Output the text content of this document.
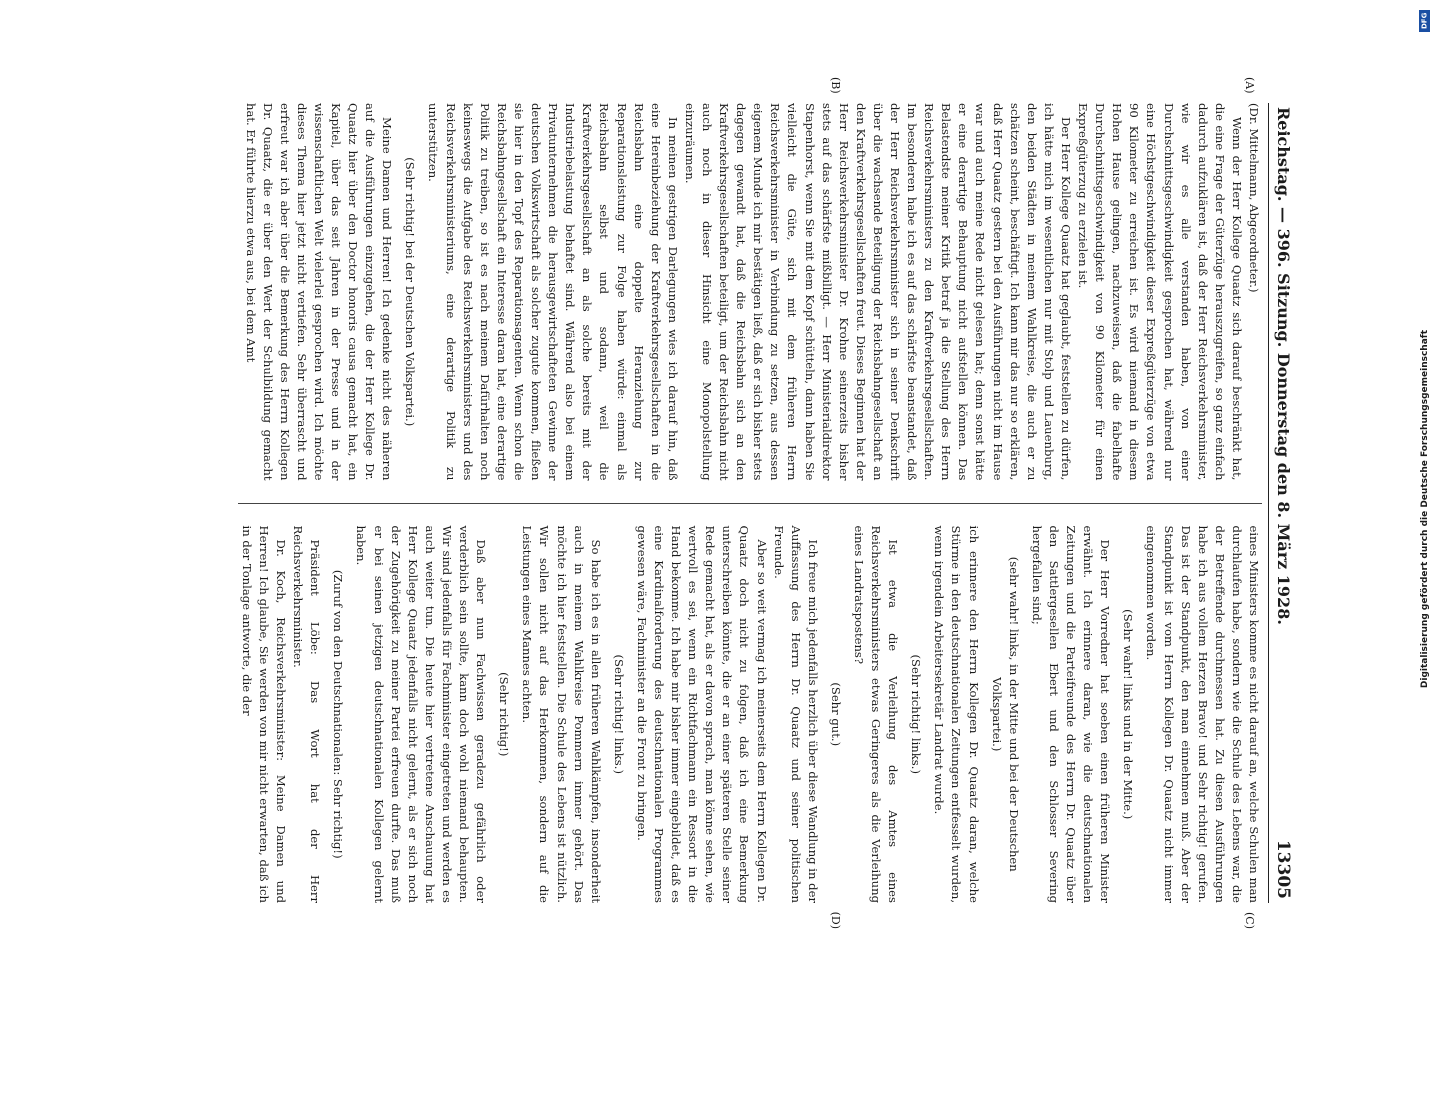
DFG
Digitalisierung gefördert durch die Deutsche Forschungsgemeinschaft
Reichstag. — 396. Sitzung. Donnerstag den 8. März 1928.
13305
(A)
(B)
(C)
(D)

(Dr. Mittelmann, Abgeordneter.)

Wenn der Herr Kollege Quaatz sich darauf beschränkt hat, die eine Frage der Güterzüge herauszugreifen, so ganz einfach dadurch aufzuklären ist, daß der Herr Reichsverkehrsminister, wie wir es alle verstanden haben, von einer Durchschnittsgeschwindigkeit gesprochen hat, während nur eine Höchstgeschwindigkeit dieser Expreßgüterzüge von etwa 90 Kilometer zu erreichen ist. Es wird niemand in diesem Hohen Hause gelingen, nachzuweisen, daß die fabelhafte Durchschnittsgeschwindigkeit von 90 Kilometer für einen Expreßgüterzug zu erzielen ist.

Der Herr Kollege Quaatz hat geglaubt, feststellen zu dürfen, ich hätte mich im wesentlichen nur mit Stolp und Lauenburg, den beiden Städten in meinem Wahlkreise, die auch er zu schätzen scheint, beschäftigt. Ich kann mir das nur so erklären, daß Herr Quaatz gestern bei den Ausführungen nicht im Hause war und auch meine Rede nicht gelesen hat; denn sonst hätte er eine derartige Behauptung nicht aufstellen können. Das Belastendste meiner Kritik betraf ja die Stellung des Herrn Reichsverkehrsministers zu den Kraftverkehrsgesellschaften. Im besonderen habe ich es auf das schärfste beanstandet, daß der Herr Reichsverkehrsminister sich in seiner Denkschrift über die wachsende Beteiligung der Reichsbahngesellschaft an den Kraftverkehrsgesellschaften freut. Dieses Beginnen hat der Herr Reichsverkehrsminister Dr. Krohne seinerzeits bisher stets auf das schärfste mißbilligt. — Herr Ministerialdirektor Stapenhorst, wenn Sie mit dem Kopf schütteln, dann haben Sie vielleicht die Güte, sich mit dem früheren Herrn Reichsverkehrsminister in Verbindung zu setzen, aus dessen eigenem Munde ich mir bestätigen ließ, daß er sich bisher stets dagegen gewandt hat, daß die Reichsbahn sich an den Kraftverkehrsgesellschaften beteiligt, um der Reichsbahn nicht auch noch in dieser Hinsicht eine Monopolstellung einzuräumen.

In meinen gestrigen Darlegungen wies ich darauf hin, daß eine Hereinbeziehung der Kraftverkehrsgesellschaften in die Reichsbahn eine doppelte Heranziehung zur Reparationsleistung zur Folge haben würde: einmal als Reichsbahn selbst und sodann, weil die Kraftverkehrsgesellschaft an als solche bereits mit der Industriebelastung behaftet sind. Während also bei einem Privatunternehmen die herausgewirtschafteten Gewinne der deutschen Volkswirtschaft als solcher zugute kommen, fließen sie hier in den Topf des Reparationsagenten. Wenn schon die Reichsbahngesellschaft ein Interesse daran hat, eine derartige Politik zu treiben, so ist es nach meinem Dafürhalten noch keineswegs die Aufgabe des Reichsverkehrsministers und des Reichsverkehrsministeriums, eine derartige Politik zu unterstützen.

(Sehr richtig! bei der Deutschen Volkspartei.)

Meine Damen und Herren! Ich gedenke nicht des näheren auf die Ausführungen einzugehen, die der Herr Kollege Dr. Quaatz hier über den Doctor honoris causa gemacht hat, ein Kapitel, über das seit Jahren in der Presse und in der wissenschaftlichen Welt vielerlei gesprochen wird. Ich möchte dieses Thema hier jetzt nicht vertiefen. Sehr überrascht und erfreut war ich aber über die Bemerkung des Herrn Kollegen Dr. Quaatz, die er über den Wert der Schulbildung gemacht hat. Er führte hierzu etwa aus, bei dem Amt

eines Ministers komme es nicht darauf an, welche Schulen man durchlaufen habe, sondern wie die Schule des Lebens war, die der Betreffende durchmessen hat. Zu diesen Ausführungen habe ich aus vollem Herzen Bravo! und Sehr richtig! gerufen. Das ist der Standpunkt, den man einnehmen muß. Aber der Standpunkt ist vom Herrn Kollegen Dr. Quaatz nicht immer eingenommen worden.

(Sehr wahr! links und in der Mitte.)

Der Herr Vorredner hat soeben einen früheren Minister erwähnt. Ich erinnere daran, wie die deutschnationalen Zeitungen und die Parteifreunde des Herrn Dr. Quaatz über den Sattlergesellen Ebert und den Schlosser Severing hergefallen sind;

(sehr wahr! links, in der Mitte und bei der Deutschen Volkspartei.)

ich erinnere den Herrn Kollegen Dr. Quaatz daran, welche Stürme in den deutschnationalen Zeitungen entfesselt wurden, wenn irgendein Arbeitersekretär Landrat wurde.

(Sehr richtig! links.)

Ist etwa die Verleihung des Amtes eines Reichsverkehrsministers etwas Geringeres als die Verleihung eines Landratspostens?

(Sehr gut.)

Ich freue mich jedenfalls herzlich über diese Wandlung in der Auffassung des Herrn Dr. Quaatz und seiner politischen Freunde.

Aber so weit vermag ich meinerseits dem Herrn Kollegen Dr. Quaatz doch nicht zu folgen, daß ich eine Bemerkung unterschreiben könnte, die er an einer späteren Stelle seiner Rede gemacht hat, als er davon sprach, man könne sehen, wie wertvoll es sei, wenn ein Richtfachmann ein Ressort in die Hand bekomme. Ich habe mir bisher immer eingebildet, daß es eine Kardinalforderung des deutschnationalen Programmes gewesen wäre, Fachminister an die Front zu bringen.

(Sehr richtig! links.)

So habe ich es in allen früheren Wahlkämpfen, insonderheit auch in meinem Wahlkreise Pommern immer gehört. Das möchte ich hier feststellen. Die Schule des Lebens ist nützlich. Wir sollen nicht auf das Herkommen, sondern auf die Leistungen eines Mannes achten.

(Sehr richtig!)

Daß aber nun Fachwissen geradezu gefährlich oder verderblich sein sollte, kann doch wohl niemand behaupten. Wir sind jedenfalls für Fachminister eingetreten und werden es auch weiter tun. Die heute hier vertretene Anschauung hat Herr Kollege Quaatz jedenfalls nicht gelernt, als er sich noch der Zugehörigkeit zu meiner Partei erfreuen durfte. Das muß er bei seinen jetzigen deutschnationalen Kollegen gelernt haben.

(Zuruf von den Deutschnationalen: Sehr richtig!)

Präsident Löbe: Das Wort hat der Herr Reichsverkehrsminister.

Dr. Koch, Reichsverkehrsminister: Meine Damen und Herren! Ich glaube, Sie werden von mir nicht erwarten, daß ich in der Tonlage antworte, die der
